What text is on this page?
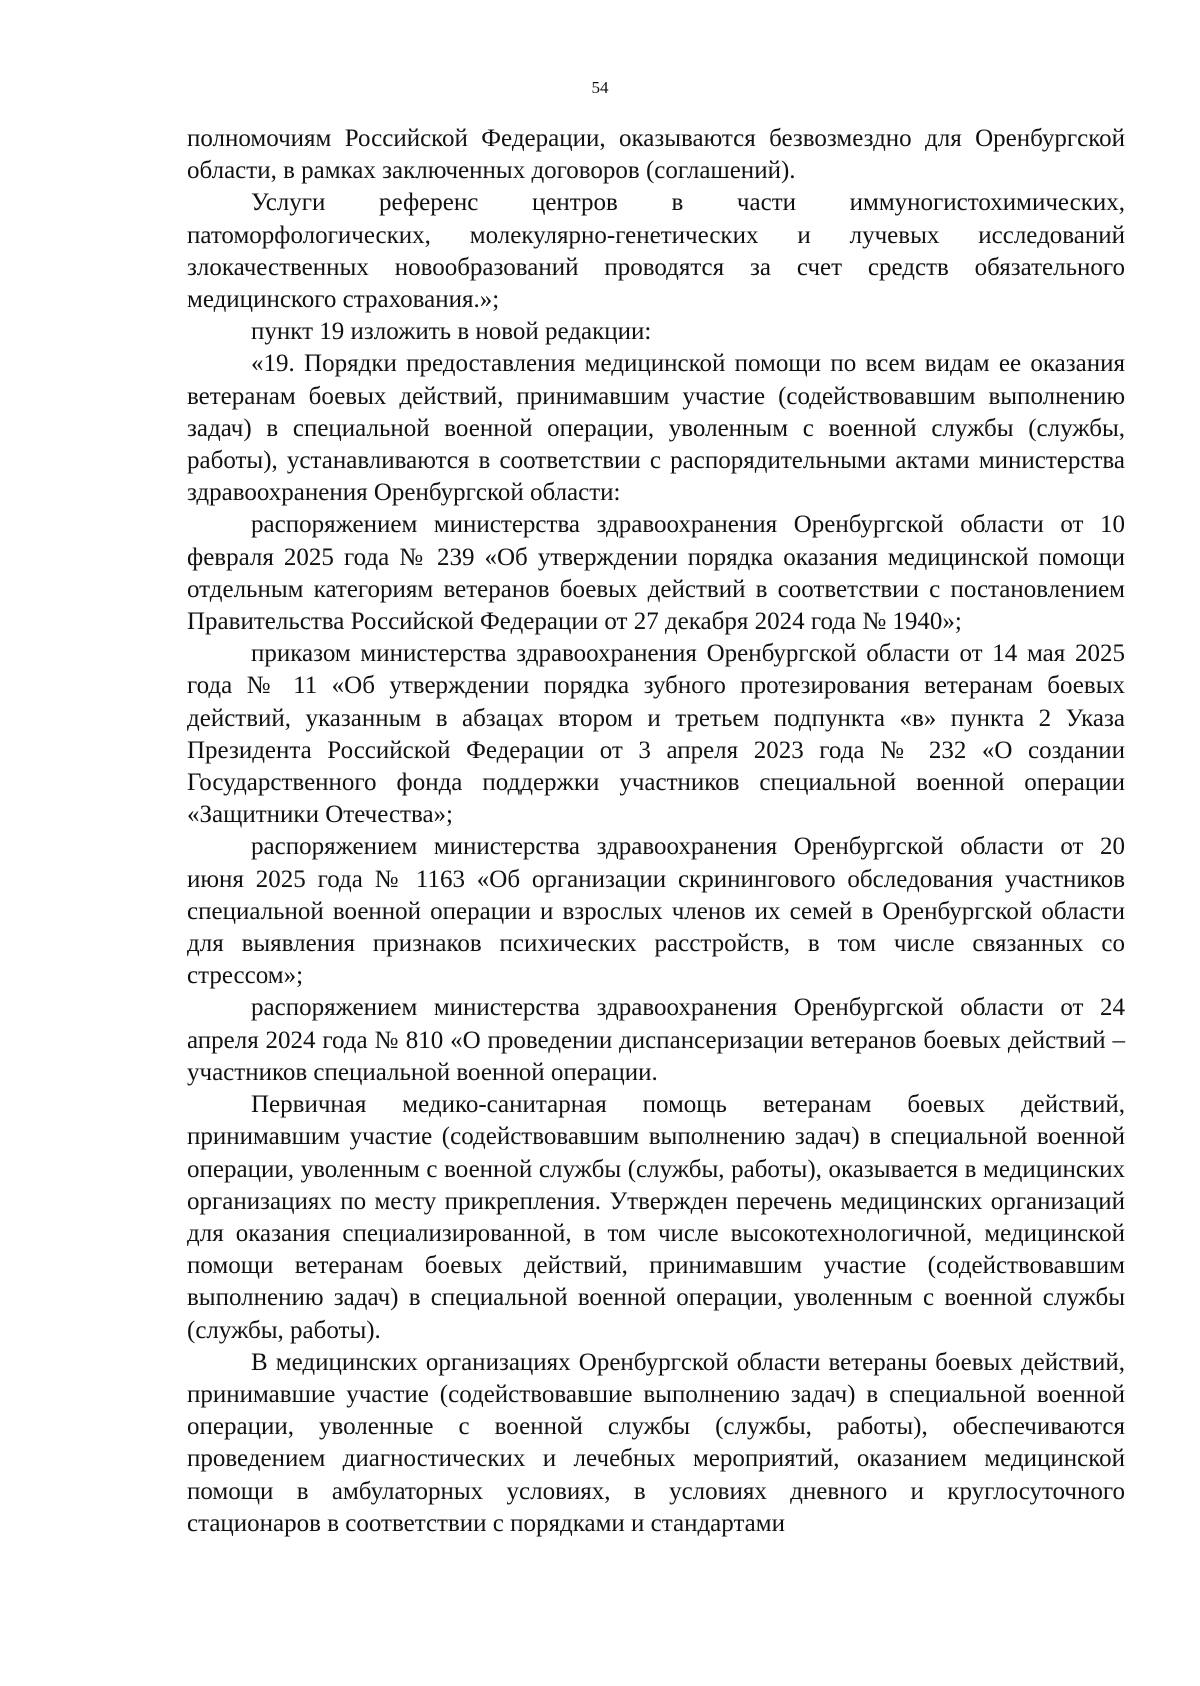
54

полномочиям Российской Федерации, оказываются безвозмездно для Оренбургской области, в рамках заключенных договоров (соглашений).

Услуги референс центров в части иммуногистохимических, патоморфологических, молекулярно-генетических и лучевых исследований злокачественных новообразований проводятся за счет средств обязательного медицинского страхования.»;

пункт 19 изложить в новой редакции:

«19. Порядки предоставления медицинской помощи по всем видам ее оказания ветеранам боевых действий, принимавшим участие (содействовавшим выполнению задач) в специальной военной операции, уволенным с военной службы (службы, работы), устанавливаются в соответствии с распорядительными актами министерства здравоохранения Оренбургской области:

распоряжением министерства здравоохранения Оренбургской области от 10 февраля 2025 года № 239 «Об утверждении порядка оказания медицинской помощи отдельным категориям ветеранов боевых действий в соответствии с постановлением Правительства Российской Федерации от 27 декабря 2024 года № 1940»;

приказом министерства здравоохранения Оренбургской области от 14 мая 2025 года № 11 «Об утверждении порядка зубного протезирования ветеранам боевых действий, указанным в абзацах втором и третьем подпункта «в» пункта 2 Указа Президента Российской Федерации от 3 апреля 2023 года № 232 «О создании Государственного фонда поддержки участников специальной военной операции «Защитники Отечества»;

распоряжением министерства здравоохранения Оренбургской области от 20 июня 2025 года № 1163 «Об организации скринингового обследования участников специальной военной операции и взрослых членов их семей в Оренбургской области для выявления признаков психических расстройств, в том числе связанных со стрессом»;

распоряжением министерства здравоохранения Оренбургской области от 24 апреля 2024 года № 810 «О проведении диспансеризации ветеранов боевых действий – участников специальной военной операции.

Первичная медико-санитарная помощь ветеранам боевых действий, принимавшим участие (содействовавшим выполнению задач) в специальной военной операции, уволенным с военной службы (службы, работы), оказывается в медицинских организациях по месту прикрепления. Утвержден перечень медицинских организаций для оказания специализированной, в том числе высокотехнологичной, медицинской помощи ветеранам боевых действий, принимавшим участие (содействовавшим выполнению задач) в специальной военной операции, уволенным с военной службы (службы, работы).

В медицинских организациях Оренбургской области ветераны боевых действий, принимавшие участие (содействовавшие выполнению задач) в специальной военной операции, уволенные с военной службы (службы, работы), обеспечиваются проведением диагностических и лечебных мероприятий, оказанием медицинской помощи в амбулаторных условиях, в условиях дневного и круглосуточного стационаров в соответствии с порядками и стандартами
